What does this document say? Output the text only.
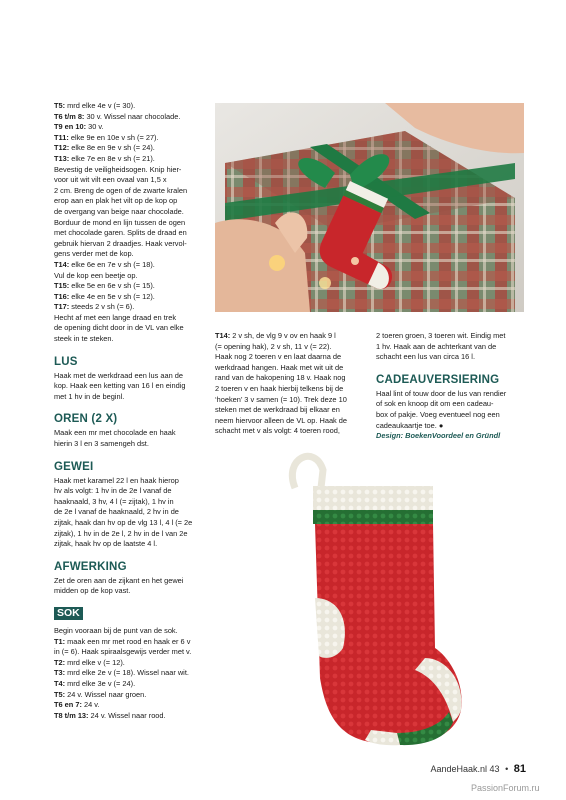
T5: mrd elke 4e v (= 30).

T6 t/m 8: 30 v. Wissel naar chocolade.

T9 en 10: 30 v.

T11: elke 9e en 10e v sh (= 27).

T12: elke 8e en 9e v sh (= 24).

T13: elke 7e en 8e v sh (= 21).

Bevestig de veiligheidsogen. Knip hier-

voor uit wit vilt een ovaal van 1,5 x

2 cm. Breng de ogen of de zwarte kralen

erop aan en plak het vilt op de kop op

de overgang van beige naar chocolade.

Borduur de mond en lijn tussen de ogen

met chocolade garen. Splits de draad en

gebruik hiervan 2 draadjes. Haak vervol-

gens verder met de kop.

T14: elke 6e en 7e v sh (= 18).

Vul de kop een beetje op.

T15: elke 5e en 6e v sh (= 15).

T16: elke 4e en 5e v sh (= 12).

T17: steeds 2 v sh (= 6).

Hecht af met een lange draad en trek

de opening dicht door in de VL van elke

steek in te steken.

LUS

Haak met de werkdraad een lus aan de

kop. Haak een ketting van 16 l en eindig

met 1 hv in de beginl.

OREN (2 X)

Maak een mr met chocolade en haak

hierin 3 l en 3 samengeh dst.

GEWEI

Haak met karamel 22 l en haak hierop

hv als volgt: 1 hv in de 2e l vanaf de

haaknaald, 3 hv, 4 l (= zijtak), 1 hv in

de 2e l vanaf de haaknaald, 2 hv in de

zijtak, haak dan hv op de vlg 13 l, 4 l (= 2e

zijtak), 1 hv in de 2e l, 2 hv in de l van 2e

zijtak, haak hv op de laatste 4 l.

AFWERKING

Zet de oren aan de zijkant en het gewei

midden op de kop vast.

SOK

Begin vooraan bij de punt van de sok.

T1: maak een mr met rood en haak er 6 v

in (= 6). Haak spiraalsgewijs verder met v.

T2: mrd elke v (= 12).

T3: mrd elke 2e v (= 18). Wissel naar wit.

T4: mrd elke 3e v (= 24).

T5: 24 v. Wissel naar groen.

T6 en 7: 24 v.

T8 t/m 13: 24 v. Wissel naar rood.

T14: 2 v sh, de vlg 9 v ov en haak 9 l

(= opening hak), 2 v sh, 11 v (= 22).

Haak nog 2 toeren v en laat daarna de

werkdraad hangen. Haak met wit uit de

rand van de hakopening 18 v. Haak nog

2 toeren v en haak hierbij telkens bij de

‘hoeken’ 3 v samen (= 10). Trek deze 10

steken met de werkdraad bij elkaar en

neem hiervoor alleen de VL op. Haak de

schacht met v als volgt: 4 toeren rood,

2 toeren groen, 3 toeren wit. Eindig met

1 hv. Haak aan de achterkant van de

schacht een lus van circa 16 l.

CADEAUVERSIERING

Haal lint of touw door de lus van rendier

of sok en knoop dit om een cadeau-

box of pakje. Voeg eventueel nog een

cadeaukaartje toe. ●

Design: BoekenVoordeel en Gründl

AandeHaak.nl 43 • 81
PassionForum.ru
